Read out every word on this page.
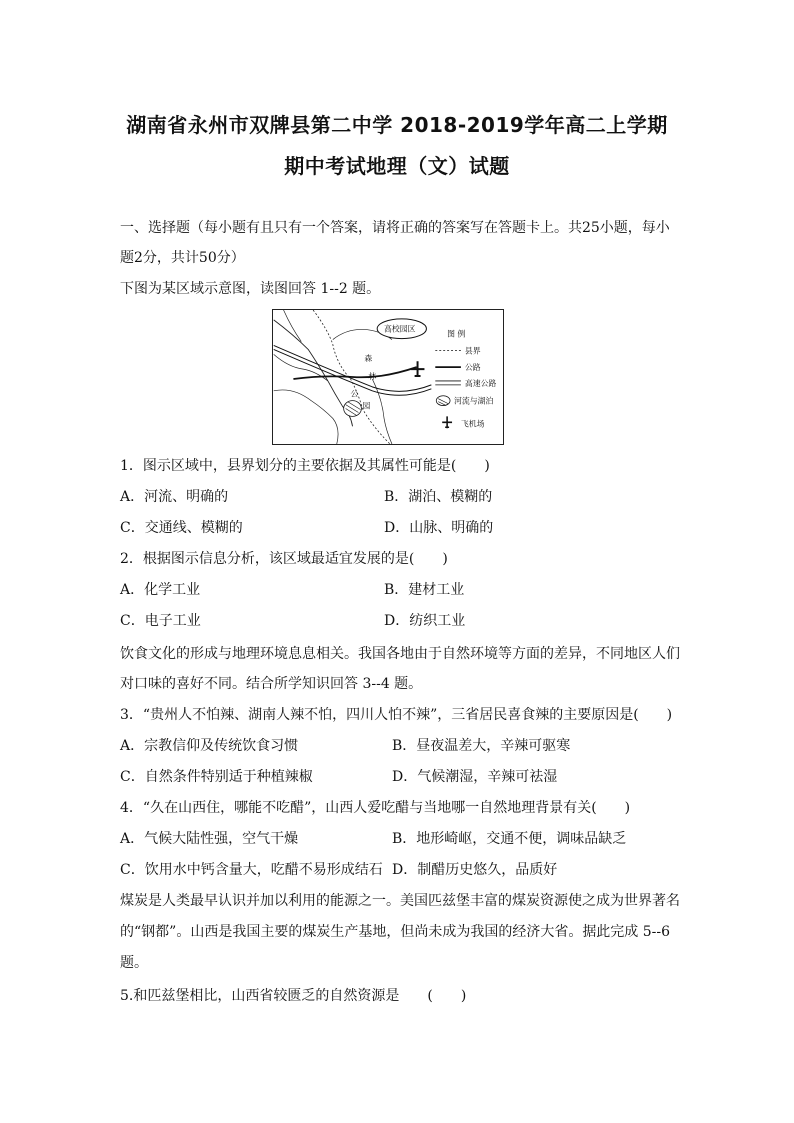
湖南省永州市双牌县第二中学 2018-2019学年高二上学期
期中考试地理（文）试题
一、选择题（每小题有且只有一个答案，请将正确的答案写在答题卡上。共25小题，每小
题2分，共计50分）
下图为某区域示意图，读图回答 1--2 题。
高校园区
森
林
公
园
图 例
县界
公路
高速公路
河流与湖泊
飞机场
1．图示区域中，县界划分的主要依据及其属性可能是(　　)
A．河流、明确的	B．湖泊、模糊的
C．交通线、模糊的	D．山脉、明确的
2．根据图示信息分析，该区域最适宜发展的是(　　)
A．化学工业	B．建材工业
C．电子工业	D．纺织工业
饮食文化的形成与地理环境息息相关。我国各地由于自然环境等方面的差异，不同地区人们
对口味的喜好不同。结合所学知识回答 3--4 题。
3．“贵州人不怕辣、湖南人辣不怕，四川人怕不辣”，三省居民喜食辣的主要原因是(　　)
A．宗教信仰及传统饮食习惯	B．昼夜温差大，辛辣可驱寒
C．自然条件特别适于种植辣椒	D．气候潮湿，辛辣可祛湿
4．“久在山西住，哪能不吃醋”，山西人爱吃醋与当地哪一自然地理背景有关(　　)
A．气候大陆性强，空气干燥	B．地形崎岖，交通不便，调味品缺乏
C．饮用水中钙含量大，吃醋不易形成结石 D．制醋历史悠久，品质好
煤炭是人类最早认识并加以利用的能源之一。美国匹兹堡丰富的煤炭资源使之成为世界著名
的“钢都”。山西是我国主要的煤炭生产基地，但尚未成为我国的经济大省。据此完成 5--6
题。
5.和匹兹堡相比，山西省较匮乏的自然资源是　　(　　)
